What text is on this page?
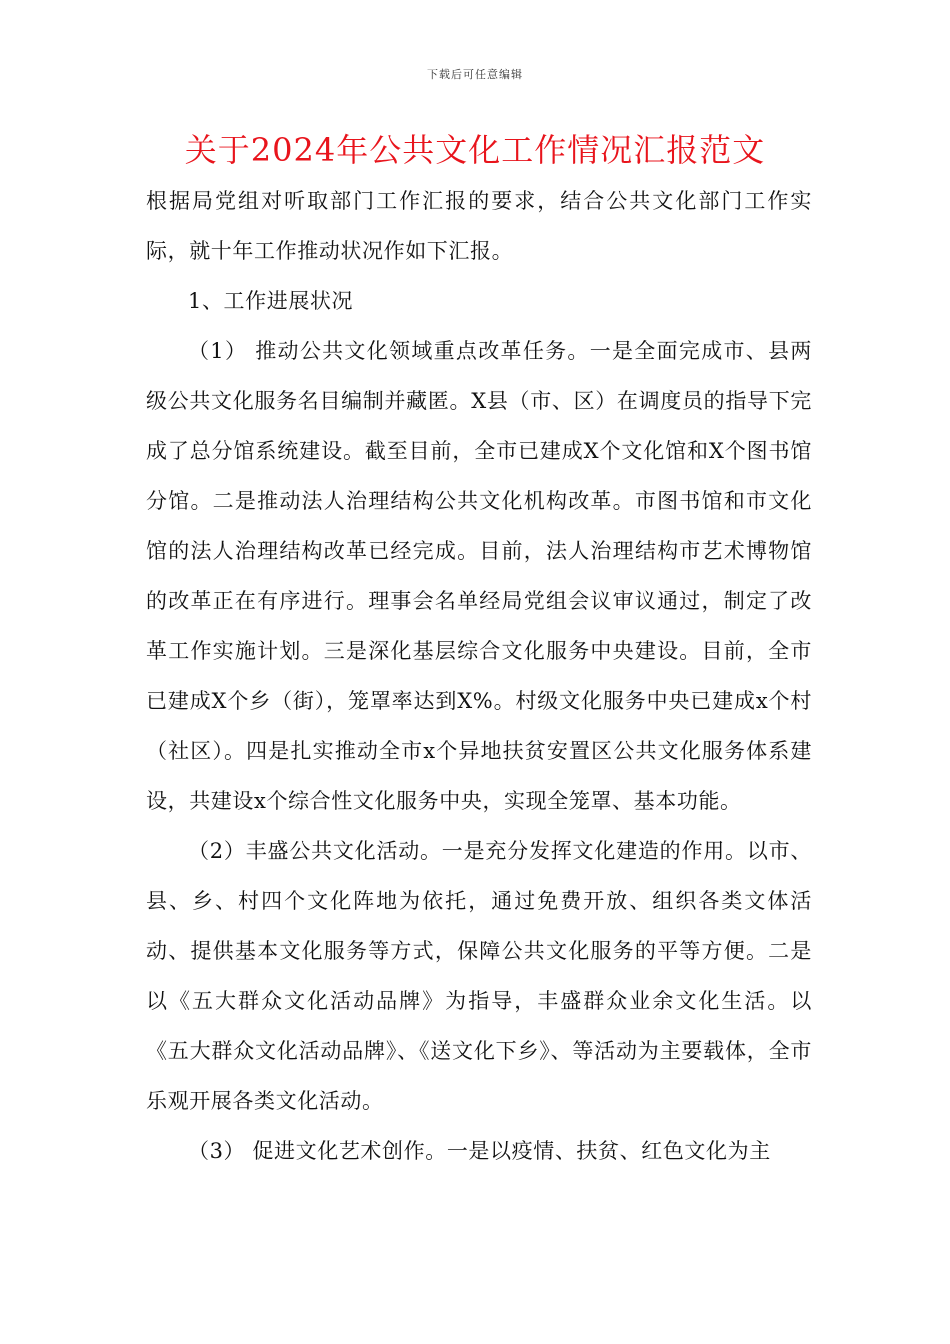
下载后可任意编辑
关于2024年公共文化工作情况汇报范文

根据局党组对听取部门工作汇报的要求，结合公共文化部门工作实际，就十年工作推动状况作如下汇报。

1、工作进展状况

（1） 推动公共文化领域重点改革任务。一是全面完成市、县两级公共文化服务名目编制并藏匿。X县（市、区）在调度员的指导下完成了总分馆系统建设。截至目前，全市已建成X个文化馆和X个图书馆分馆。二是推动法人治理结构公共文化机构改革。市图书馆和市文化馆的法人治理结构改革已经完成。目前，法人治理结构市艺术博物馆的改革正在有序进行。理事会名单经局党组会议审议通过，制定了改革工作实施计划。三是深化基层综合文化服务中央建设。目前，全市已建成X个乡（街），笼罩率达到X%。村级文化服务中央已建成x个村（社区）。四是扎实推动全市x个异地扶贫安置区公共文化服务体系建设，共建设x个综合性文化服务中央，实现全笼罩、基本功能。

（2）丰盛公共文化活动。一是充分发挥文化建造的作用。以市、县、乡、村四个文化阵地为依托，通过免费开放、组织各类文体活动、提供基本文化服务等方式，保障公共文化服务的平等方便。二是以《五大群众文化活动品牌》为指导，丰盛群众业余文化生活。以《五大群众文化活动品牌》、《送文化下乡》、等活动为主要载体，全市乐观开展各类文化活动。

（3） 促进文化艺术创作。一是以疫情、扶贫、红色文化为主
